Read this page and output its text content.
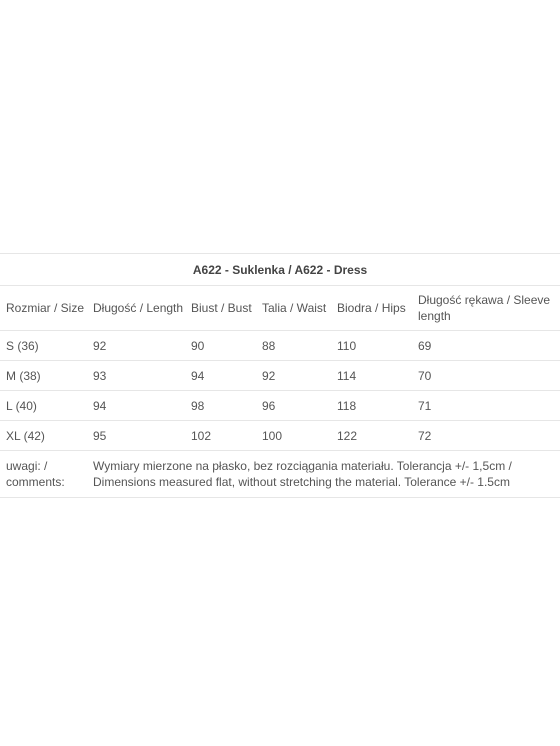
A622 - Suklenka / A622 - Dress					
Rozmiar / Size	Długość / Length	Biust / Bust	Talia / Waist	Biodra / Hips	Długość rękawa / Sleeve length
S (36)	92	90	88	110	69
M (38)	93	94	92	114	70
L (40)	94	98	96	118	71
XL (42)	95	102	100	122	72
uwagi: / comments:	Wymiary mierzone na płasko, bez rozciągania materiału. Tolerancja +/- 1,5cm / Dimensions measured flat, without stretching the material. Tolerance +/- 1.5cm				
